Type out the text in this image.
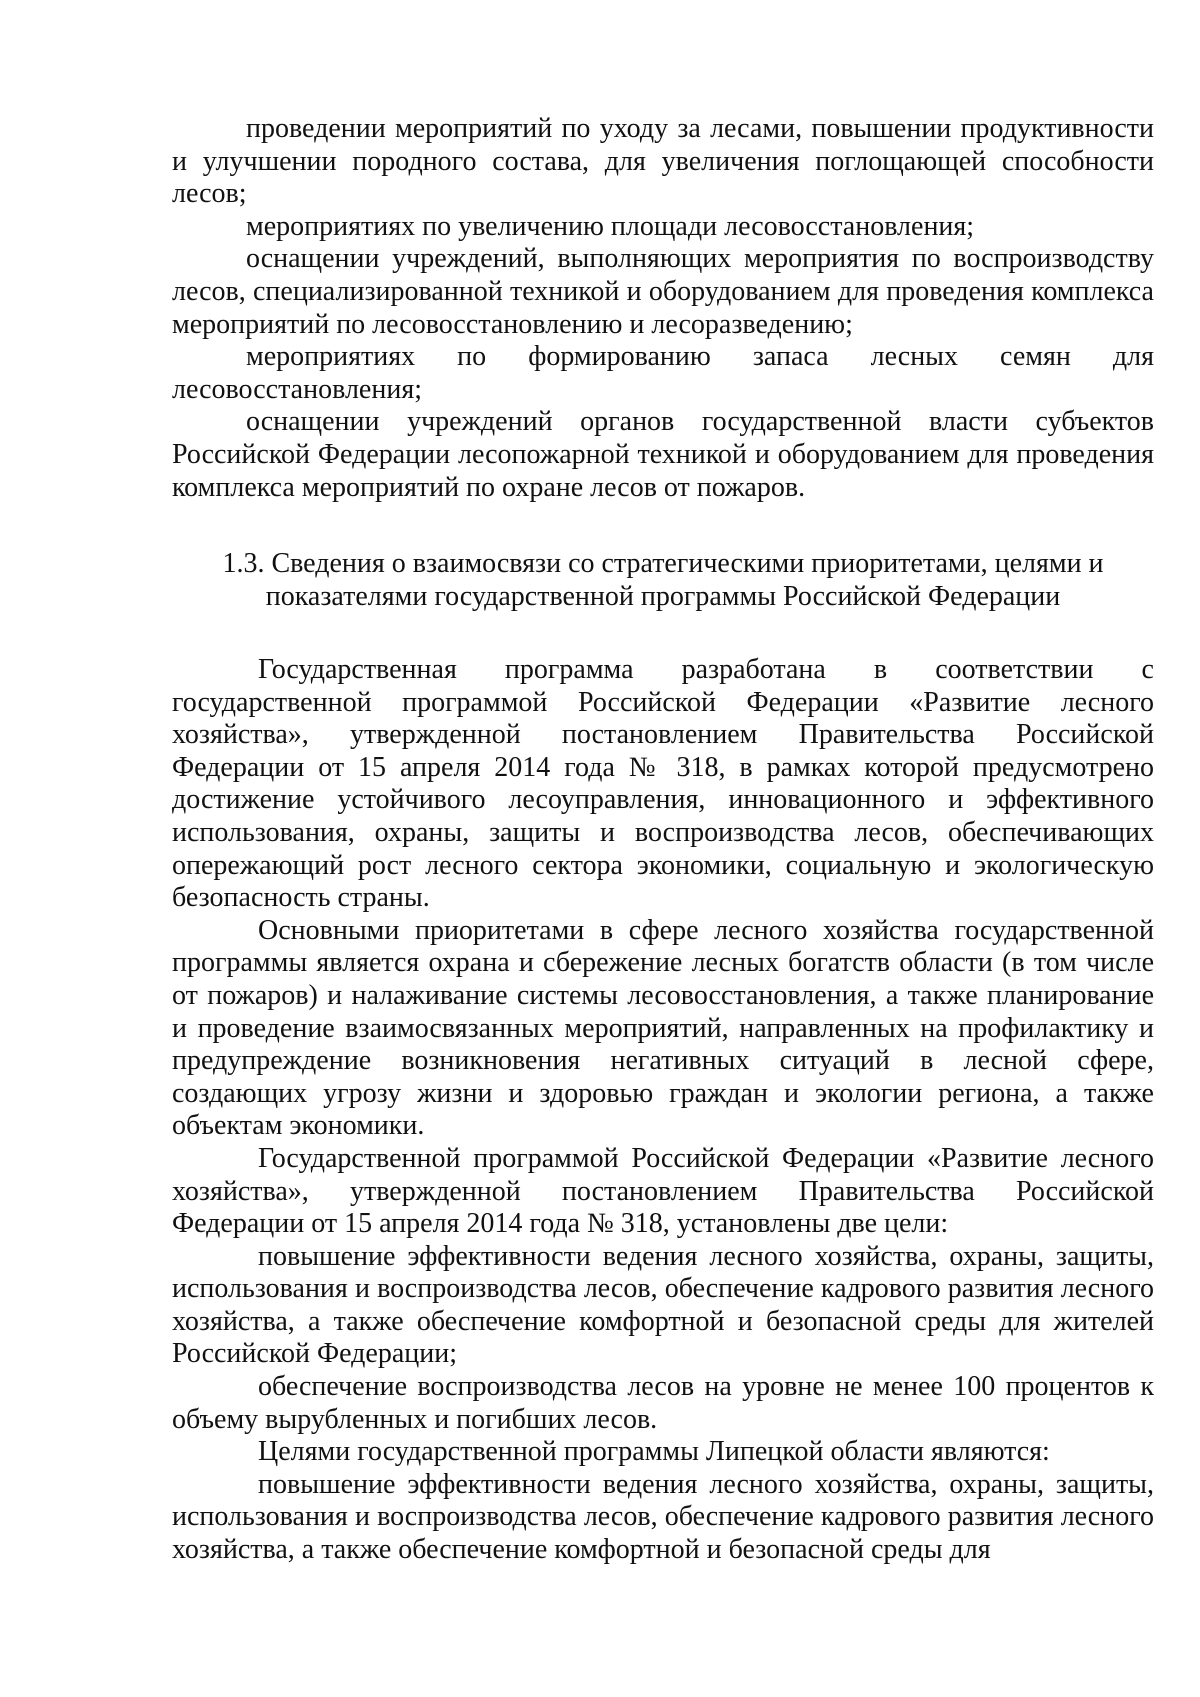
проведении мероприятий по уходу за лесами, повышении продуктивности и улучшении породного состава, для увеличения поглощающей способности лесов;

мероприятиях по увеличению площади лесовосстановления;

оснащении учреждений, выполняющих мероприятия по воспроизводству лесов, специализированной техникой и оборудованием для проведения комплекса мероприятий по лесовосстановлению и лесоразведению;

мероприятиях по формированию запаса лесных семян для лесовосстановления;

оснащении учреждений органов государственной власти субъектов Российской Федерации лесопожарной техникой и оборудованием для проведения комплекса мероприятий по охране лесов от пожаров.

1.3. Сведения о взаимосвязи со стратегическими приоритетами, целями и

показателями государственной программы Российской Федерации

Государственная программа разработана в соответствии с государственной программой Российской Федерации «Развитие лесного хозяйства», утвержденной постановлением Правительства Российской Федерации от 15 апреля 2014 года № 318, в рамках которой предусмотрено достижение устойчивого лесоуправления, инновационного и эффективного использования, охраны, защиты и воспроизводства лесов, обеспечивающих опережающий рост лесного сектора экономики, социальную и экологическую безопасность страны.

Основными приоритетами в сфере лесного хозяйства государственной программы является охрана и сбережение лесных богатств области (в том числе от пожаров) и налаживание системы лесовосстановления, а также планирование и проведение взаимосвязанных мероприятий, направленных на профилактику и предупреждение возникновения негативных ситуаций в лесной сфере, создающих угрозу жизни и здоровью граждан и экологии региона, а также объектам экономики.

Государственной программой Российской Федерации «Развитие лесного хозяйства», утвержденной постановлением Правительства Российской Федерации от 15 апреля 2014 года № 318, установлены две цели:

повышение эффективности ведения лесного хозяйства, охраны, защиты, использования и воспроизводства лесов, обеспечение кадрового развития лесного хозяйства, а также обеспечение комфортной и безопасной среды для жителей Российской Федерации;

обеспечение воспроизводства лесов на уровне не менее 100 процентов к объему вырубленных и погибших лесов.

Целями государственной программы Липецкой области являются:

повышение эффективности ведения лесного хозяйства, охраны, защиты, использования и воспроизводства лесов, обеспечение кадрового развития лесного хозяйства, а также обеспечение комфортной и безопасной среды для
